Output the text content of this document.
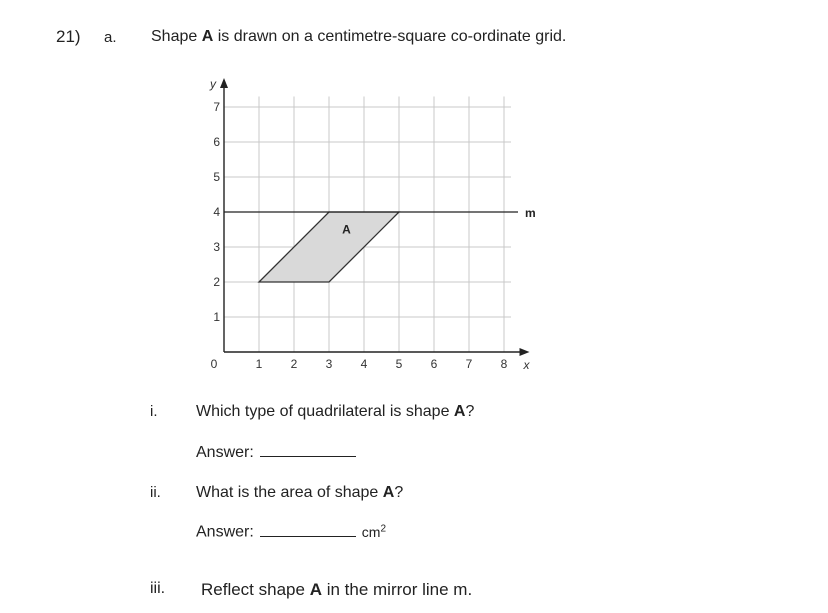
21) a. Shape A is drawn on a centimetre-square co-ordinate grid.
1 2 3 4 5 6 7 8
1
2
3
4
5
6
7
0	x
y
A
m
i. Which type of quadrilateral is shape A?
Answer:
ii. What is the area of shape A?
Answer:	$cm^2$
iii. Reflect shape A in the mirror line m.
